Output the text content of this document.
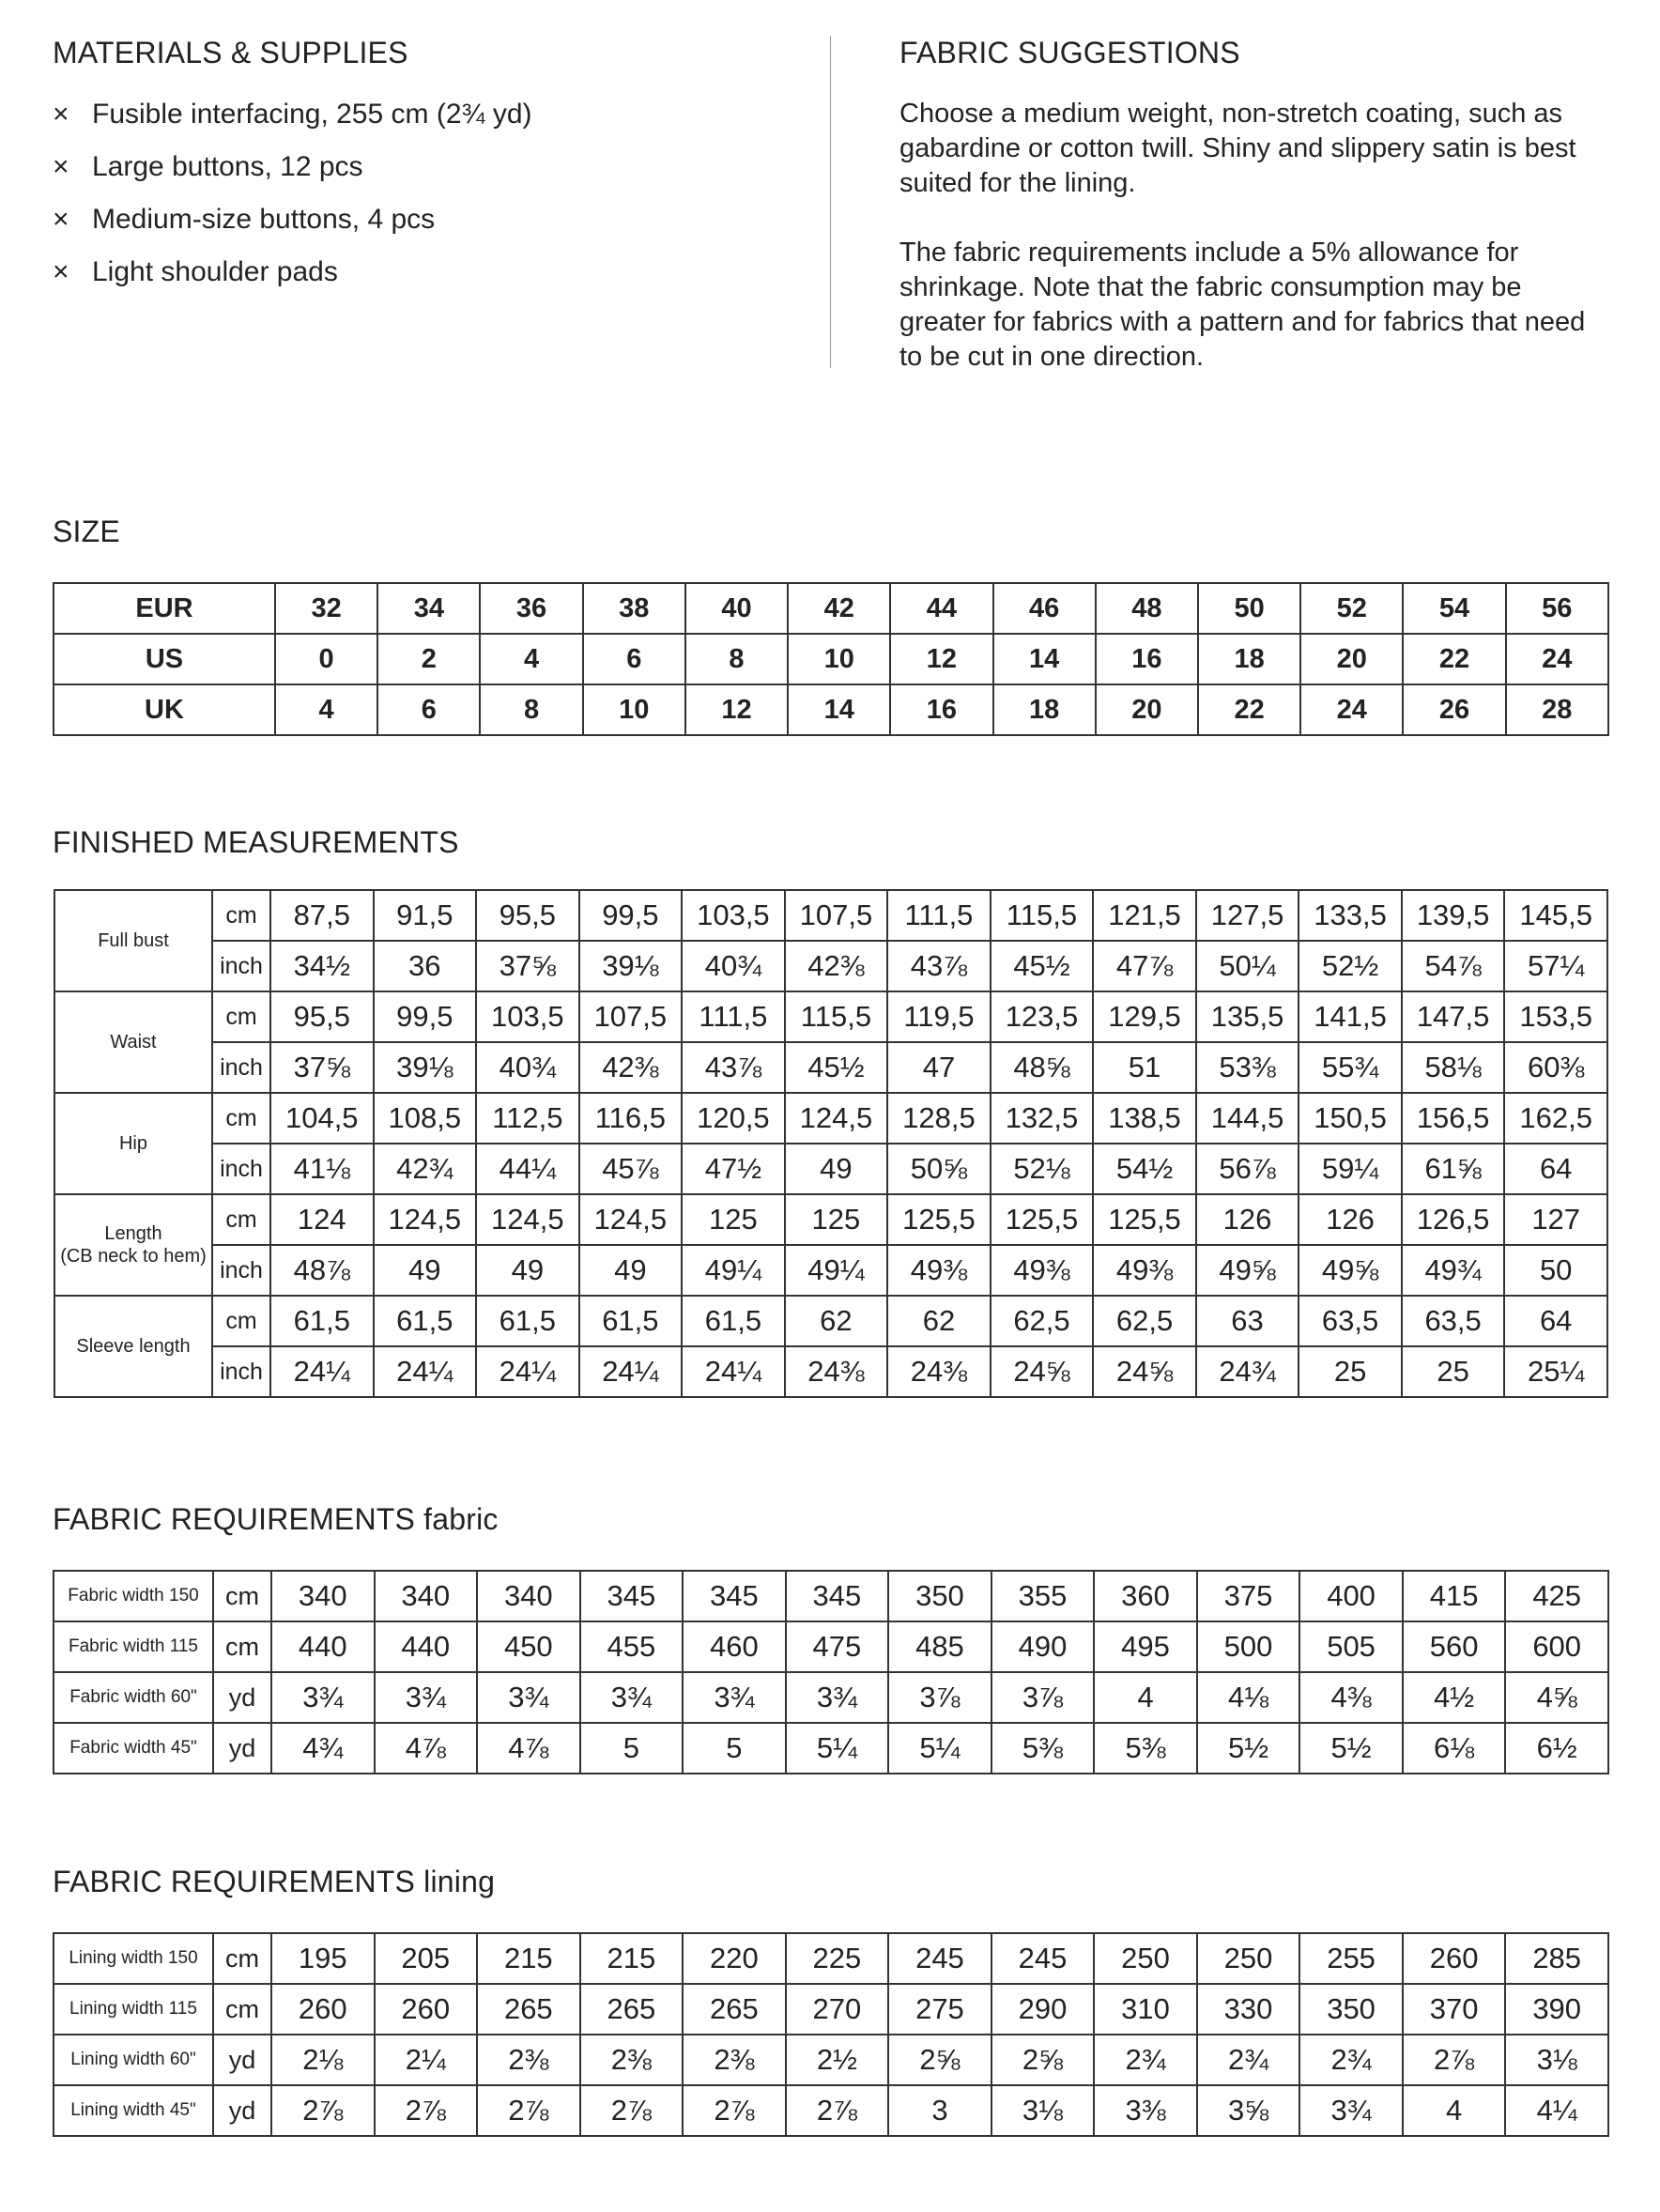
MATERIALS & SUPPLIES
× Fusible interfacing, 255 cm (2¾ yd)
× Large buttons, 12 pcs
× Medium-size buttons, 4 pcs
× Light shoulder pads
FABRIC SUGGESTIONS

Choose a medium weight, non-stretch coating, such as gabardine or cotton twill. Shiny and slippery satin is best suited for the lining.

The fabric requirements include a 5% allowance for shrinkage. Note that the fabric consumption may be greater for fabrics with a pattern and for fabrics that need to be cut in one direction.

SIZE
EUR	32	34	36	38	40	42	44	46	48	50	52	54	56
US	0	2	4	6	8	10	12	14	16	18	20	22	24
UK	4	6	8	10	12	14	16	18	20	22	24	26	28
FINISHED MEASUREMENTS
Full bust	cm	87,5	91,5	95,5	99,5	103,5	107,5	111,5	115,5	121,5	127,5	133,5	139,5	145,5
	inch	34½	36	37⅝	39⅛	40¾	42⅜	43⅞	45½	47⅞	50¼	52½	54⅞	57¼

Waist	cm	95,5	99,5	103,5	107,5	111,5	115,5	119,5	123,5	129,5	135,5	141,5	147,5	153,5
	inch	37⅝	39⅛	40¾	42⅜	43⅞	45½	47	48⅝	51	53⅜	55¾	58⅛	60⅜

Hip	cm	104,5	108,5	112,5	116,5	120,5	124,5	128,5	132,5	138,5	144,5	150,5	156,5	162,5
	inch	41⅛	42¾	44¼	45⅞	47½	49	50⅝	52⅛	54½	56⅞	59¼	61⅝	64

Length
(CB neck to hem)	cm	124	124,5	124,5	124,5	125	125	125,5	125,5	125,5	126	126	126,5	127
	inch	48⅞	49	49	49	49¼	49¼	49⅜	49⅜	49⅜	49⅝	49⅝	49¾	50

Sleeve length	cm	61,5	61,5	61,5	61,5	61,5	62	62	62,5	62,5	63	63,5	63,5	64
	inch	24¼	24¼	24¼	24¼	24¼	24⅜	24⅜	24⅝	24⅝	24¾	25	25	25¼
FABRIC REQUIREMENTS fabric
Fabric width 150	cm	340	340	340	345	345	345	350	355	360	375	400	415	425
Fabric width 115	cm	440	440	450	455	460	475	485	490	495	500	505	560	600
Fabric width 60"	yd	3¾	3¾	3¾	3¾	3¾	3¾	3⅞	3⅞	4	4⅛	4⅜	4½	4⅝
Fabric width 45"	yd	4¾	4⅞	4⅞	5	5	5¼	5¼	5⅜	5⅜	5½	5½	6⅛	6½
FABRIC REQUIREMENTS lining
Lining width 150	cm	195	205	215	215	220	225	245	245	250	250	255	260	285
Lining width 115	cm	260	260	265	265	265	270	275	290	310	330	350	370	390
Lining width 60"	yd	2⅛	2¼	2⅜	2⅜	2⅜	2½	2⅝	2⅝	2¾	2¾	2¾	2⅞	3⅛
Lining width 45"	yd	2⅞	2⅞	2⅞	2⅞	2⅞	2⅞	3	3⅛	3⅜	3⅝	3¾	4	4¼
